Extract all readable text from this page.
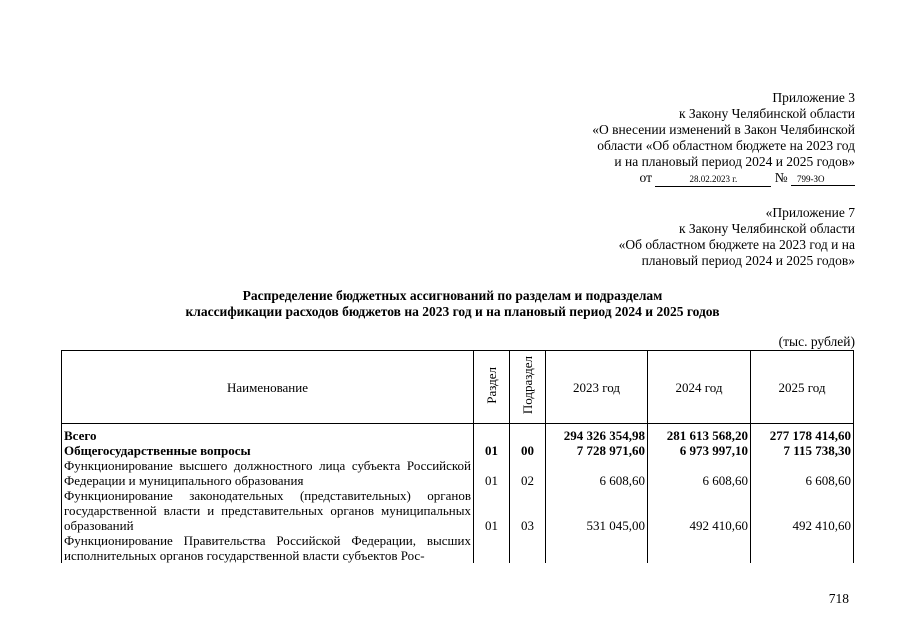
Приложение 3
к Закону Челябинской области
«О внесении изменений в Закон Челябинской
области «Об областном бюджете на 2023 год
и на плановый период 2024 и 2025 годов»
от	28.02.2023 г.	№ 799-ЗО
«Приложение 7
к Закону Челябинской области
«Об областном бюджете на 2023 год и на
плановый период 2024 и 2025 годов»
Распределение бюджетных ассигнований по разделам и подразделам
классификации расходов бюджетов на 2023 год и на плановый период 2024 и 2025 годов
(тыс. рублей)
Наименование	Раздел	Подраздел	2023 год	2024 год	2025 год
Всего			294 326 354,98	281 613 568,20	277 178 414,60
Общегосударственные вопросы	01	00	7 728 971,60	6 973 997,10	7 115 738,30
Функционирование высшего должностного лица субъекта Российской Федерации и муниципального образования	01	02	6 608,60	6 608,60	6 608,60
Функционирование законодательных (представительных) органов государственной власти и представительных органов муниципальных образований	01	03	531 045,00	492 410,60	492 410,60
Функционирование Правительства Российской Федерации, высших исполнительных органов государственной власти субъектов Рос-					
718
